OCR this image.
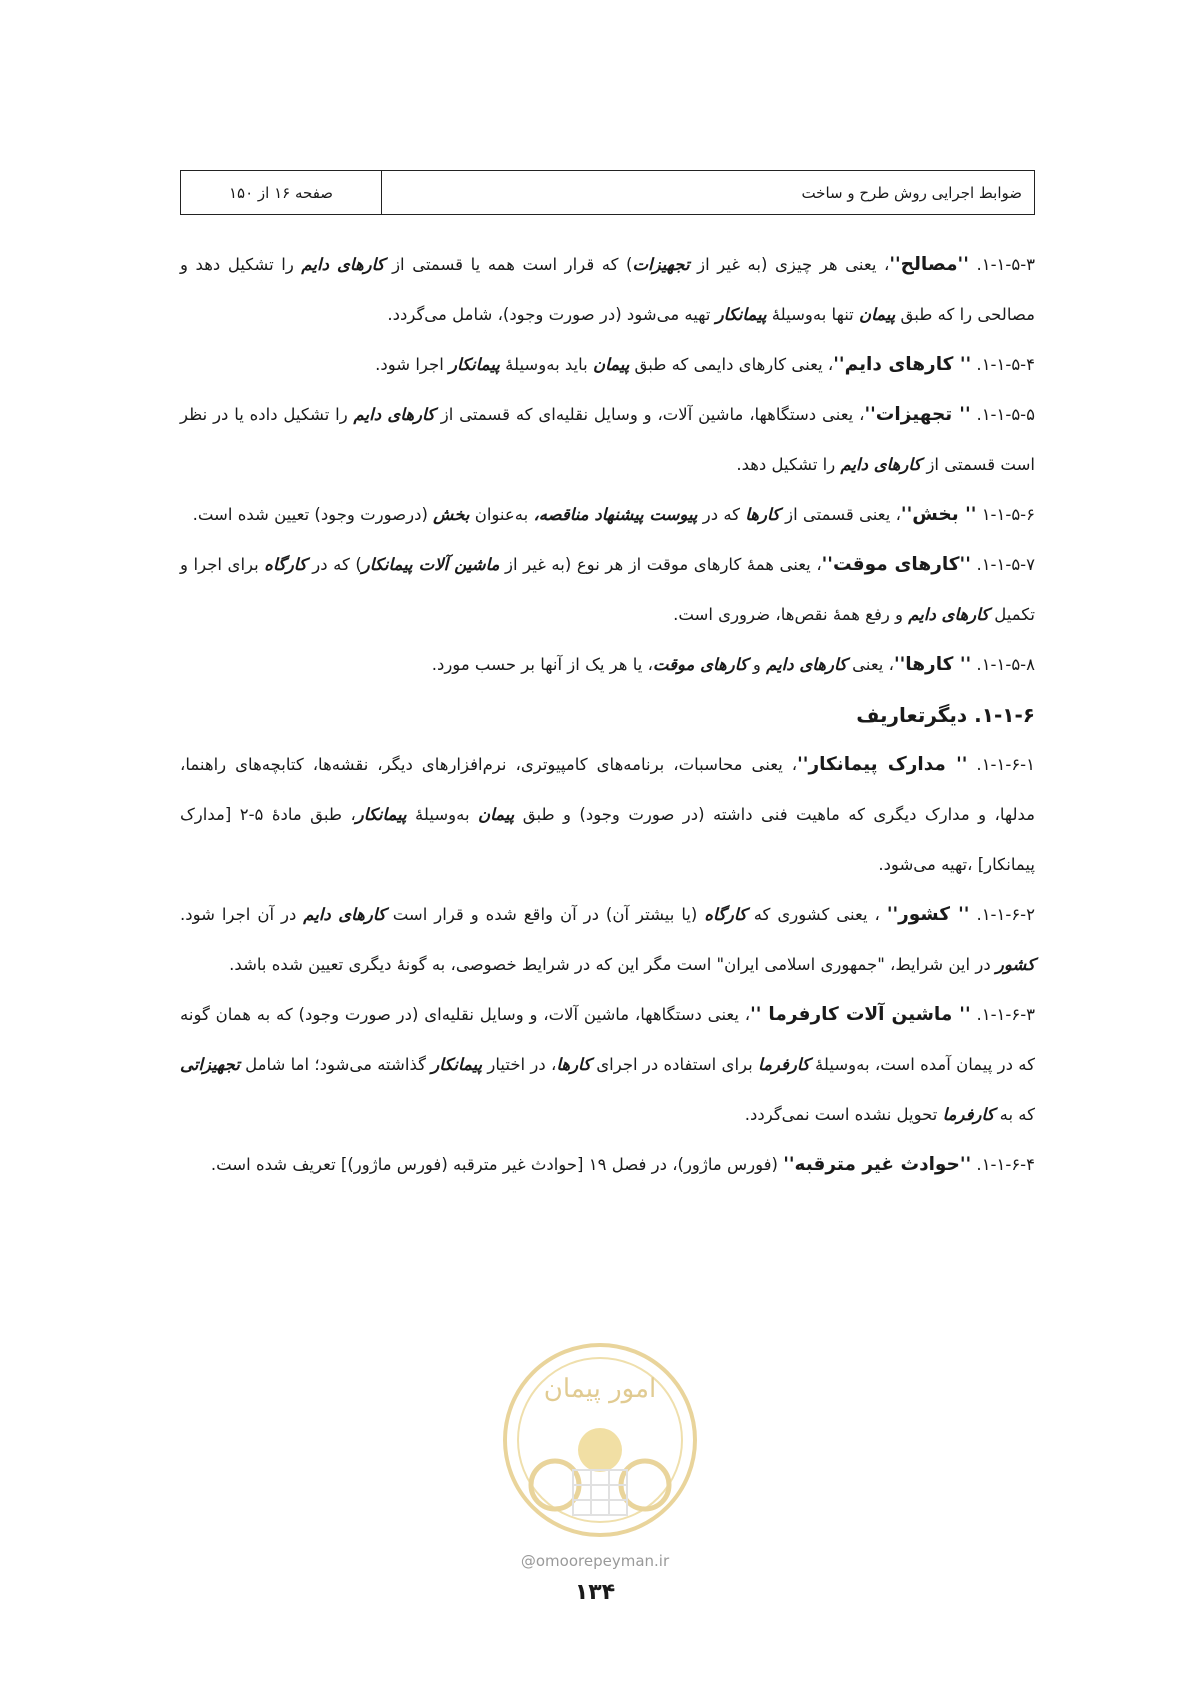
ضوابط اجرایی روش طرح و ساخت
صفحه ۱۶ از ۱۵۰

۱-۱-۵-۳. ''مصالح''، یعنی هر چیزی (به غیر از تجهیزات) که قرار است همه یا قسمتی از کارهای دایم را تشکیل دهد و مصالحی را که طبق پیمان تنها به‌وسیلهٔ پیمانکار تهیه می‌شود (در صورت وجود)، شامل می‌گردد.

۱-۱-۵-۴. '' کارهای دایم''، یعنی کارهای دایمی که طبق پیمان باید به‌وسیلهٔ پیمانکار اجرا شود.

۱-۱-۵-۵. '' تجهیزات''، یعنی دستگاهها، ماشین آلات، و وسایل نقلیه‌ای که قسمتی از کارهای دایم را تشکیل داده یا در نظر است قسمتی از کارهای دایم را تشکیل دهد.

۱-۱-۵-۶ '' بخش''، یعنی قسمتی از کارها که در پیوست پیشنهاد مناقصه، به‌عنوان بخش (درصورت وجود) تعیین شده است.

۱-۱-۵-۷. ''کارهای موقت''، یعنی همهٔ کارهای موقت از هر نوع (به غیر از ماشین آلات پیمانکار) که در کارگاه برای اجرا و تکمیل کارهای دایم و رفع همهٔ نقص‌ها، ضروری است.

۱-۱-۵-۸. '' کارها''، یعنی کارهای دایم و کارهای موقت، یا هر یک از آنها بر حسب مورد.

۱-۱-۶. دیگرتعاریف

۱-۱-۶-۱. '' مدارک پیمانکار''، یعنی محاسبات، برنامه‌های کامپیوتری، نرم‌افزارهای دیگر، نقشه‌ها، کتابچه‌های راهنما، مدلها، و مدارک دیگری که ماهیت فنی داشته (در صورت وجود) و طبق پیمان به‌وسیلهٔ پیمانکار، طبق مادهٔ ۵-۲ [مدارک پیمانکار] ،تهیه می‌شود.

۱-۱-۶-۲. '' کشور'' ، یعنی کشوری که کارگاه (یا بیشتر آن) در آن واقع شده و قرار است کارهای دایم در آن اجرا شود. کشور در این شرایط، "جمهوری اسلامی ایران" است مگر این که در شرایط خصوصی، به گونهٔ دیگری تعیین شده باشد.

۱-۱-۶-۳. '' ماشین آلات کارفرما ''، یعنی دستگاهها، ماشین آلات، و وسایل نقلیه‌ای (در صورت وجود) که به همان گونه که در پیمان آمده است، به‌وسیلهٔ کارفرما برای استفاده در اجرای کارها، در اختیار پیمانکار گذاشته می‌شود؛ اما شامل تجهیزاتی که به کارفرما تحویل نشده است نمی‌گردد.

۱-۱-۶-۴. ''حوادث غیر مترقبه'' (فورس ماژور)، در فصل ۱۹ [حوادث غیر مترقبه (فورس ماژور)] تعریف شده است.

امور پیمان
@omoorepeyman.ir
۱۳۴
